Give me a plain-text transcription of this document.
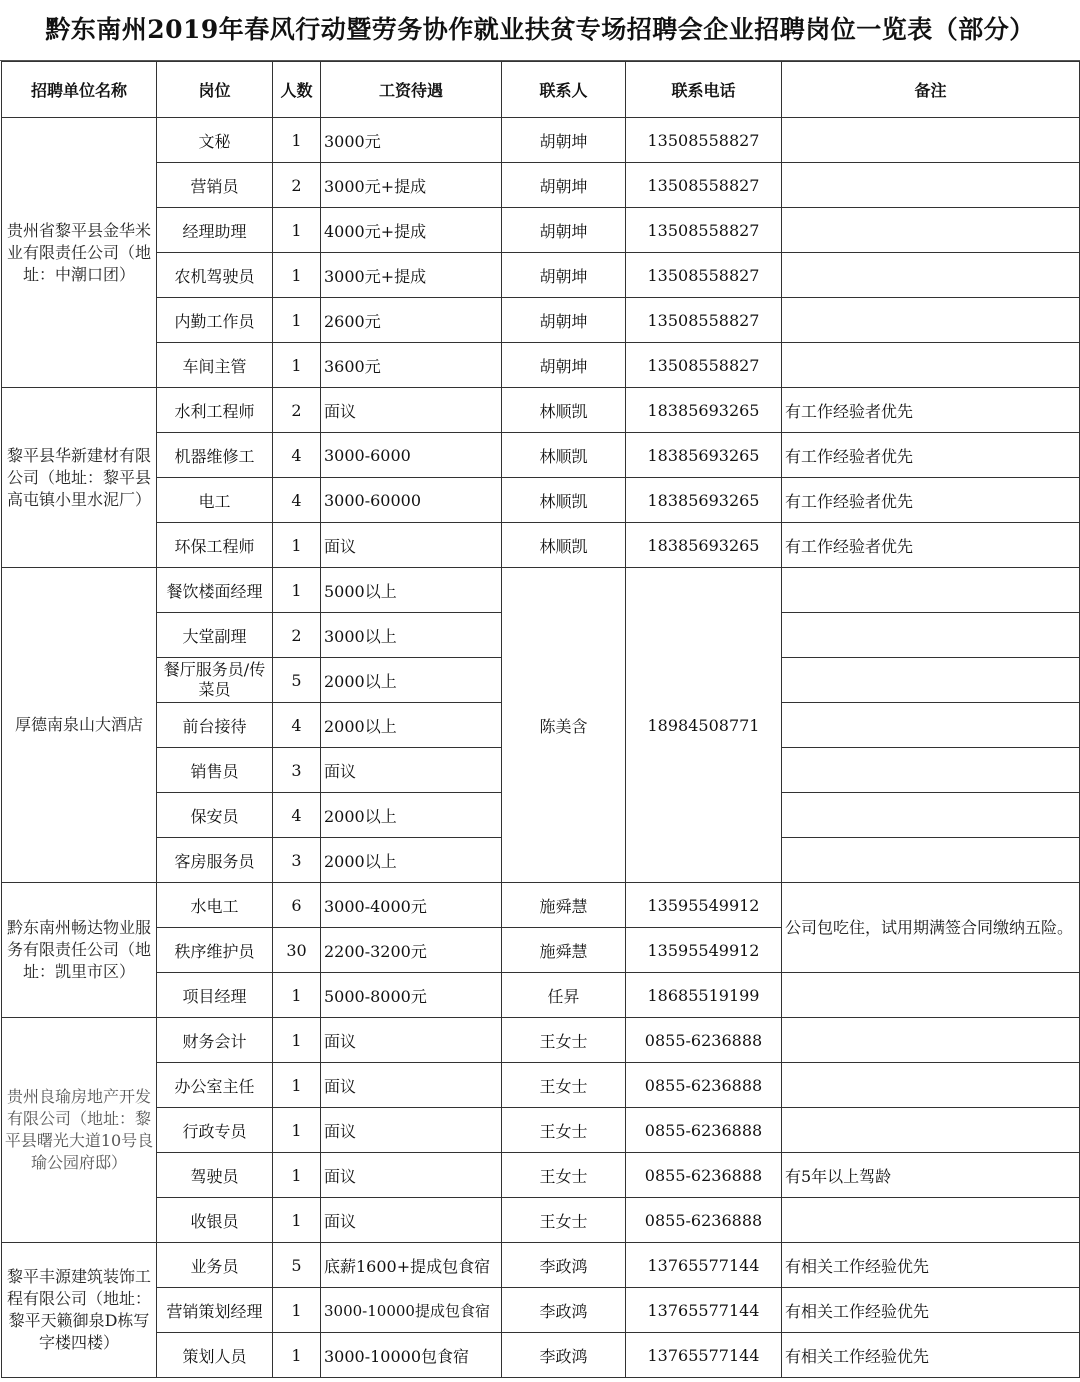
黔东南州2019年春风行动暨劳务协作就业扶贫专场招聘会企业招聘岗位一览表（部分）
招聘单位名称	岗位	人数	工资待遇	联系人	联系电话	备注
贵州省黎平县金华米业有限责任公司（地址：中潮口团）	文秘	1	3000元	胡朝坤	13508558827	
	营销员	2	3000元+提成	胡朝坤	13508558827	
	经理助理	1	4000元+提成	胡朝坤	13508558827	
	农机驾驶员	1	3000元+提成	胡朝坤	13508558827	
	内勤工作员	1	2600元	胡朝坤	13508558827	
	车间主管	1	3600元	胡朝坤	13508558827	
黎平县华新建材有限公司（地址：黎平县高屯镇小里水泥厂）	水利工程师	2	面议	林顺凯	18385693265	有工作经验者优先
	机器维修工	4	3000-6000	林顺凯	18385693265	有工作经验者优先
	电工	4	3000-60000	林顺凯	18385693265	有工作经验者优先
	环保工程师	1	面议	林顺凯	18385693265	有工作经验者优先
厚德南泉山大酒店	餐饮楼面经理	1	5000以上	陈美含	18984508771	
	大堂副理	2	3000以上			
	餐厅服务员/传菜员	5	2000以上			
	前台接待	4	2000以上			
	销售员	3	面议			
	保安员	4	2000以上			
	客房服务员	3	2000以上			
黔东南州畅达物业服务有限责任公司（地址：凯里市区）	水电工	6	3000-4000元	施舜慧	13595549912	公司包吃住，试用期满签合同缴纳五险。
	秩序维护员	30	2200-3200元	施舜慧	13595549912	
	项目经理	1	5000-8000元	任昇	18685519199	
贵州良瑜房地产开发有限公司（地址：黎平县曙光大道10号良瑜公园府邸）	财务会计	1	面议	王女士	0855-6236888	
	办公室主任	1	面议	王女士	0855-6236888	
	行政专员	1	面议	王女士	0855-6236888	
	驾驶员	1	面议	王女士	0855-6236888	有5年以上驾龄
	收银员	1	面议	王女士	0855-6236888	
黎平丰源建筑装饰工程有限公司（地址：黎平天籁御泉D栋写字楼四楼）	业务员	5	底薪1600+提成包食宿	李政鸿	13765577144	有相关工作经验优先
	营销策划经理	1	3000-10000提成包食宿	李政鸿	13765577144	有相关工作经验优先
	策划人员	1	3000-10000包食宿	李政鸿	13765577144	有相关工作经验优先
